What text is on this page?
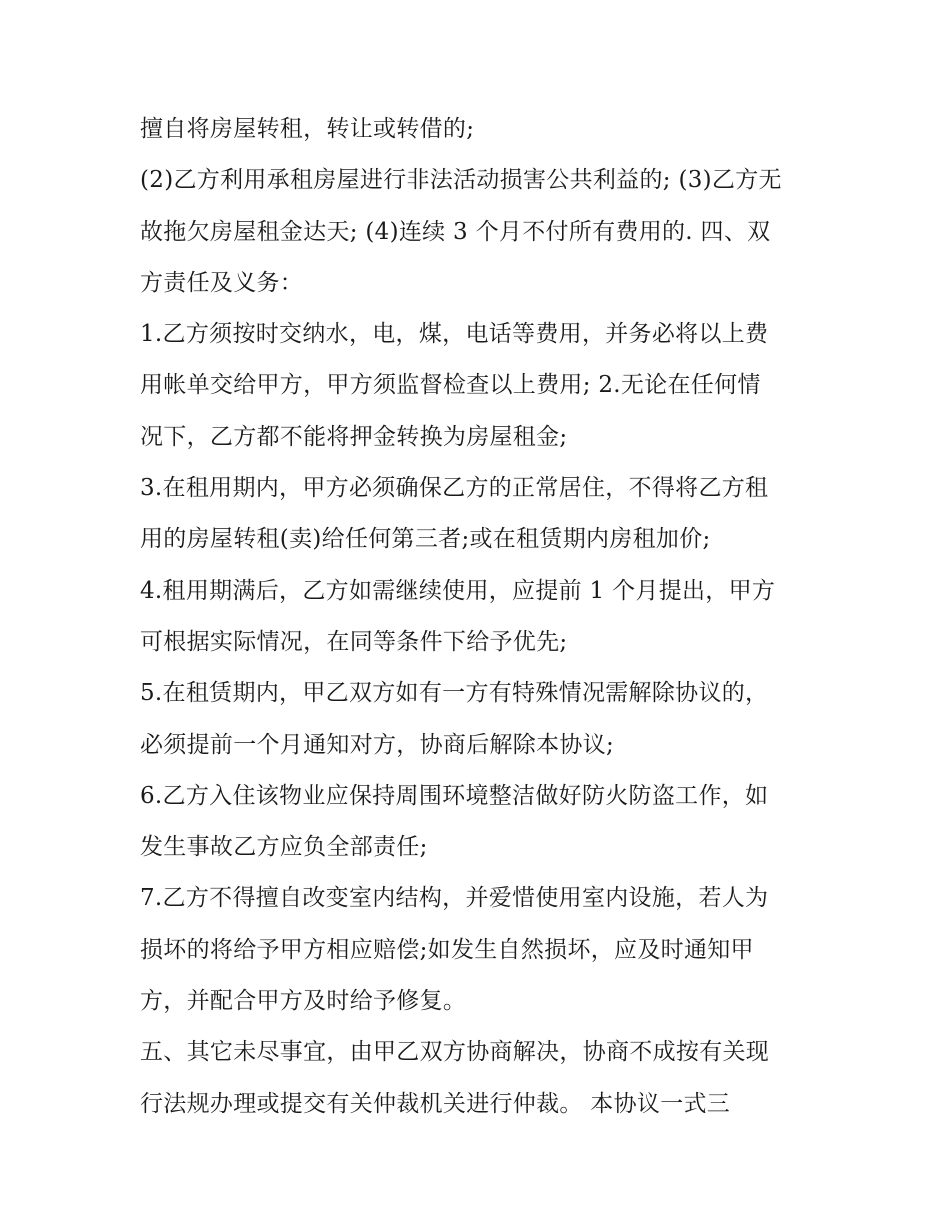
擅自将房屋转租，转让或转借的;
(2)乙方利用承租房屋进行非法活动损害公共利益的; (3)乙方无
故拖欠房屋租金达天; (4)连续 3 个月不付所有费用的. 四、双
方责任及义务：
1.乙方须按时交纳水，电，煤，电话等费用，并务必将以上费
用帐单交给甲方，甲方须监督检查以上费用; 2.无论在任何情
况下，乙方都不能将押金转换为房屋租金;
3.在租用期内，甲方必须确保乙方的正常居住，不得将乙方租
用的房屋转租(卖)给任何第三者;或在租赁期内房租加价;
4.租用期满后，乙方如需继续使用，应提前 1 个月提出，甲方
可根据实际情况，在同等条件下给予优先;
5.在租赁期内，甲乙双方如有一方有特殊情况需解除协议的，
必须提前一个月通知对方，协商后解除本协议;
6.乙方入住该物业应保持周围环境整洁做好防火防盗工作，如
发生事故乙方应负全部责任;
7.乙方不得擅自改变室内结构，并爱惜使用室内设施，若人为
损坏的将给予甲方相应赔偿;如发生自然损坏，应及时通知甲
方，并配合甲方及时给予修复。
五、其它未尽事宜，由甲乙双方协商解决，协商不成按有关现
行法规办理或提交有关仲裁机关进行仲裁。 本协议一式三
